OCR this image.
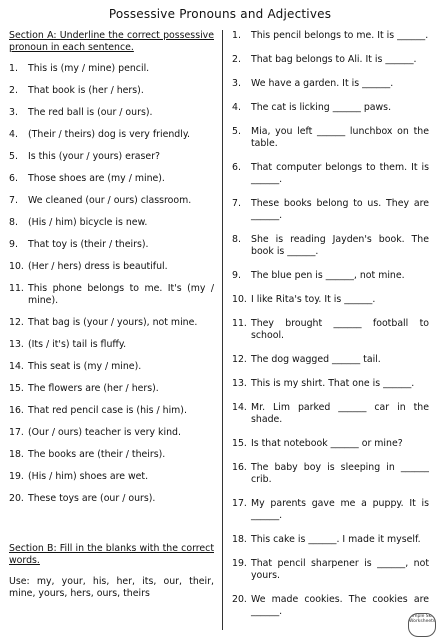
Possessive Pronouns and Adjectives
Section A: Underline the correct possessive pronoun in each sentence.
1.	This is (my / mine) pencil.
2.	That book is (her / hers).
3.	The red ball is (our / ours).
4.	(Their / theirs) dog is very friendly.
5.	Is this (your / yours) eraser?
6.	Those shoes are (my / mine).
7.	We cleaned (our / ours) classroom.
8.	(His / him) bicycle is new.
9.	That toy is (their / theirs).
10. (Her / hers) dress is beautiful.
11. This phone belongs to me. It's (my / mine).
12. That bag is (your / yours), not mine.
13. (Its / it's) tail is fluffy.
14. This seat is (my / mine).
15. The flowers are (her / hers).
16. That red pencil case is (his / him).
17. (Our / ours) teacher is very kind.
18. The books are (their / theirs).
19. (His / him) shoes are wet.
20. These toys are (our / ours).
Section B: Fill in the blanks with the correct words.
Use: my, your, his, her, its, our, their, mine, yours, hers, ours, theirs
1.	This pencil belongs to me. It is ______.
2.	That bag belongs to Ali. It is ______.
3.	We have a garden. It is ______.
4.	The cat is licking ______ paws.
5.	Mia, you left ______ lunchbox on the table.
6.	That computer belongs to them. It is ______.
7.	These books belong to us. They are ______.
8.	She is reading Jayden's book. The book is ______.
9.	The blue pen is ______, not mine.
10. I like Rita's toy. It is ______.
11. They brought ______ football to school.
12. The dog wagged ______ tail.
13. This is my shirt. That one is ______.
14. Mr. Lim parked ______ car in the shade.
15. Is that notebook ______ or mine?
16. The baby boy is sleeping in ______ crib.
17. My parents gave me a puppy. It is ______.
18. This cake is ______. I made it myself.
19. That pencil sharpener is ______, not yours.
20. We made cookies. The cookies are ______.	Simple Skill Worksheets
